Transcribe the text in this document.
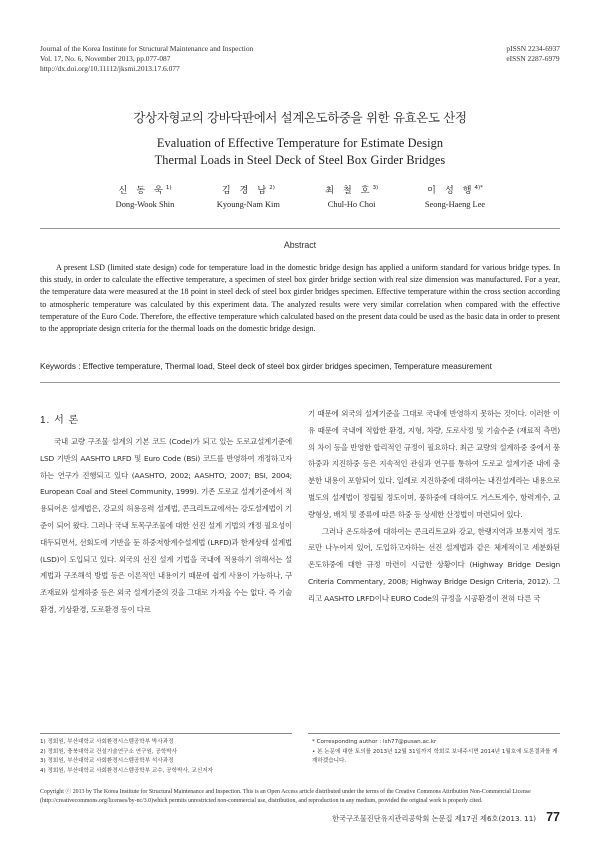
Journal of the Korea Institute for Structural Maintenance and Inspection
Vol. 17, No. 6, November 2013, pp.077-087
http://dx.doi.org/10.11112/jksmi.2013.17.6.077
pISSN 2234-6937
eISSN 2287-6979
강상자형교의 강바닥판에서 설계온도하중을 위한 유효온도 산정
Evaluation of Effective Temperature for Estimate Design
Thermal Loads in Steel Deck of Steel Box Girder Bridges
신 동 욱$^{1)}$
Dong-Wook Shin
김 경 남$^{2)}$
Kyoung-Nam Kim
최 철 호$^{3)}$
Chul-Ho Choi
이 성 행$^{4)*}$
Seong-Haeng Lee
Abstract
A present LSD (limited state design) code for temperature load in the domestic bridge design has applied a uniform standard for various bridge types. In this study, in order to calculate the effective temperature, a specimen of steel box girder bridge section with real size dimension was manufactured. For a year, the temperature data were measured at the 18 point in steel deck of steel box girder bridges specimen. Effective temperature within the cross section according to atmospheric temperature was calculated by this experiment data. The analyzed results were very similar correlation when compared with the effective temperature of the Euro Code. Therefore, the effective temperature which calculated based on the present data could be used as the basic data in order to present to the appropriate design criteria for the thermal loads on the domestic bridge design.
Keywords : Effective temperature, Thermal load, Steel deck of steel box girder bridges specimen, Temperature measurement
1. 서 론

국내 교량 구조물 설계의 기본 코드 (Code)가 되고 있는 도로교설계기준에 LSD 기반의 AASHTO LRFD 및 Euro Code (BSi) 코드를 반영하여 개정하고자 하는 연구가 진행되고 있다 (AASHTO, 2002; AASHTO, 2007; BSI, 2004; European Coal and Steel Community, 1999). 기존 도로교 설계기준에서 적용되어온 설계법은, 강교의 허용응력 설계법, 콘크리트교에서는 강도설계법이 기준이 되어 왔다. 그러나 국내 토목구조물에 대한 선진 설계 기법의 개정 필요성이 대두되면서, 선회도에 기반을 둔 하중저항계수설계법 (LRFD)과 한계상태 설계법 (LSD)이 도입되고 있다. 외국의 선진 설계 기법을 국내에 적용하기 위해서는 설계법과 구조해석 방법 등은 이론적인 내용이기 때문에 쉽게 사용이 가능하나, 구조재료와 설계하중 등은 외국 설계기준의 것을 그대로 가져올 수는 없다. 즉 기술환경, 기상환경, 도로환경 등이 다르

기 때문에 외국의 설계기준을 그대로 국내에 반영하지 못하는 것이다. 이러한 이유 때문에 국내에 적합한 환경, 지형, 차량, 도로사정 및 기술수준 (재료적 측면)의 차이 등을 반영한 합리적인 규정이 필요하다. 최근 교량의 설계하중 중에서 풍하중과 지진하중 등은 지속적인 관심과 연구를 통하여 도로교 설계기준 내에 충분한 내용이 포함되어 있다. 일례로 지진하중에 대하여는 내진설계라는 내용으로 별도의 설계법이 정립될 정도이며, 풍하중에 대하여도 거스트계수, 항력계수, 교량형상, 배치 및 종류에 따른 하중 등 상세한 산정법이 마련되어 있다.

그러나 온도하중에 대하여는 콘크리트교와 강교, 한랭지역과 보통지역 정도로만 나누어져 있어, 도입하고자하는 선진 설계법과 같은 체계적이고 세분화된 온도하중에 대한 규정 마련이 시급한 상황이다 (Highway Bridge Design Criteria Commentary, 2008; Highway Bridge Design Criteria, 2012). 그리고 AASHTO LRFD이나 EURO Code의 규정을 시공환경이 전혀 다른 국

1) 정회원, 부산대학교 사회환경시스템공학부 박사과정
2) 정회원, 충북대학교 건설기술연구소 연구원, 공학박사
3) 정회원, 부산대학교 사회환경시스템공학부 석사과정
4) 정회원, 부산대학교 사회환경시스템공학부 교수, 공학박사, 교신저자
* Corresponding author : lsh77@pusan.ac.kr
• 본 논문에 대한 토의를 2013년 12월 31일까지 학회로 보내주시면 2014년 1월호에 토론결과를 게재하겠습니다.
Copyright ⓒ 2013 by The Korea Institute for Structural Maintenance and Inspection. This is an Open Access article distributed under the terms of the Creative Commons Attribution Non-Commercial License (http://creativecommons.org/licenses/by-nc/3.0)which permits unrestricted non-commercial use, distribution, and reproduction in any medium, provided the original work is properly cited.
한국구조물진단유지관리공학회 논문집 제17권 제6호(2013. 11) 77
